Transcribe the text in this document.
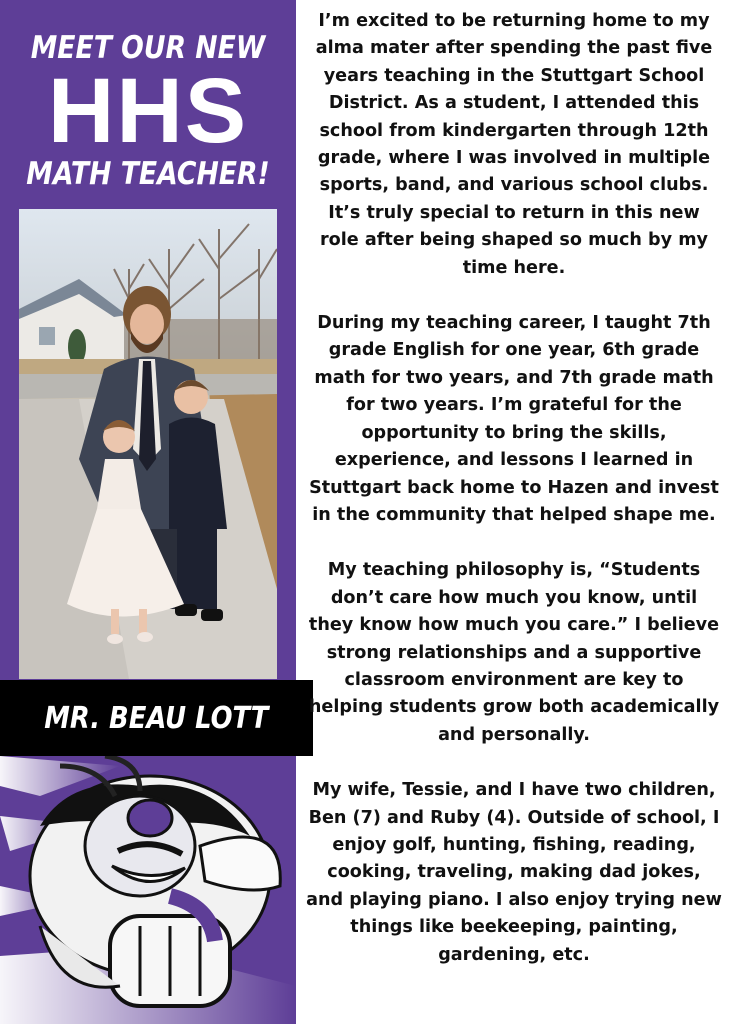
MEET OUR NEW
HHS
MATH TEACHER!
MR. BEAU LOTT

I’m excited to be returning home to my alma mater after spending the past five years teaching in the Stuttgart School District. As a student, I attended this school from kindergarten through 12th grade, where I was involved in multiple sports, band, and various school clubs. It’s truly special to return in this new role after being shaped so much by my time here.

During my teaching career, I taught 7th grade English for one year, 6th grade math for two years, and 7th grade math for two years. I’m grateful for the opportunity to bring the skills, experience, and lessons I learned in Stuttgart back home to Hazen and invest in the community that helped shape me.

My teaching philosophy is, “Students don’t care how much you know, until they know how much you care.” I believe strong relationships and a supportive classroom environment are key to helping students grow both academically and personally.

My wife, Tessie, and I have two children, Ben (7) and Ruby (4). Outside of school, I enjoy golf, hunting, fishing, reading, cooking, traveling, making dad jokes, and playing piano. I also enjoy trying new things like beekeeping, painting, gardening, etc.
